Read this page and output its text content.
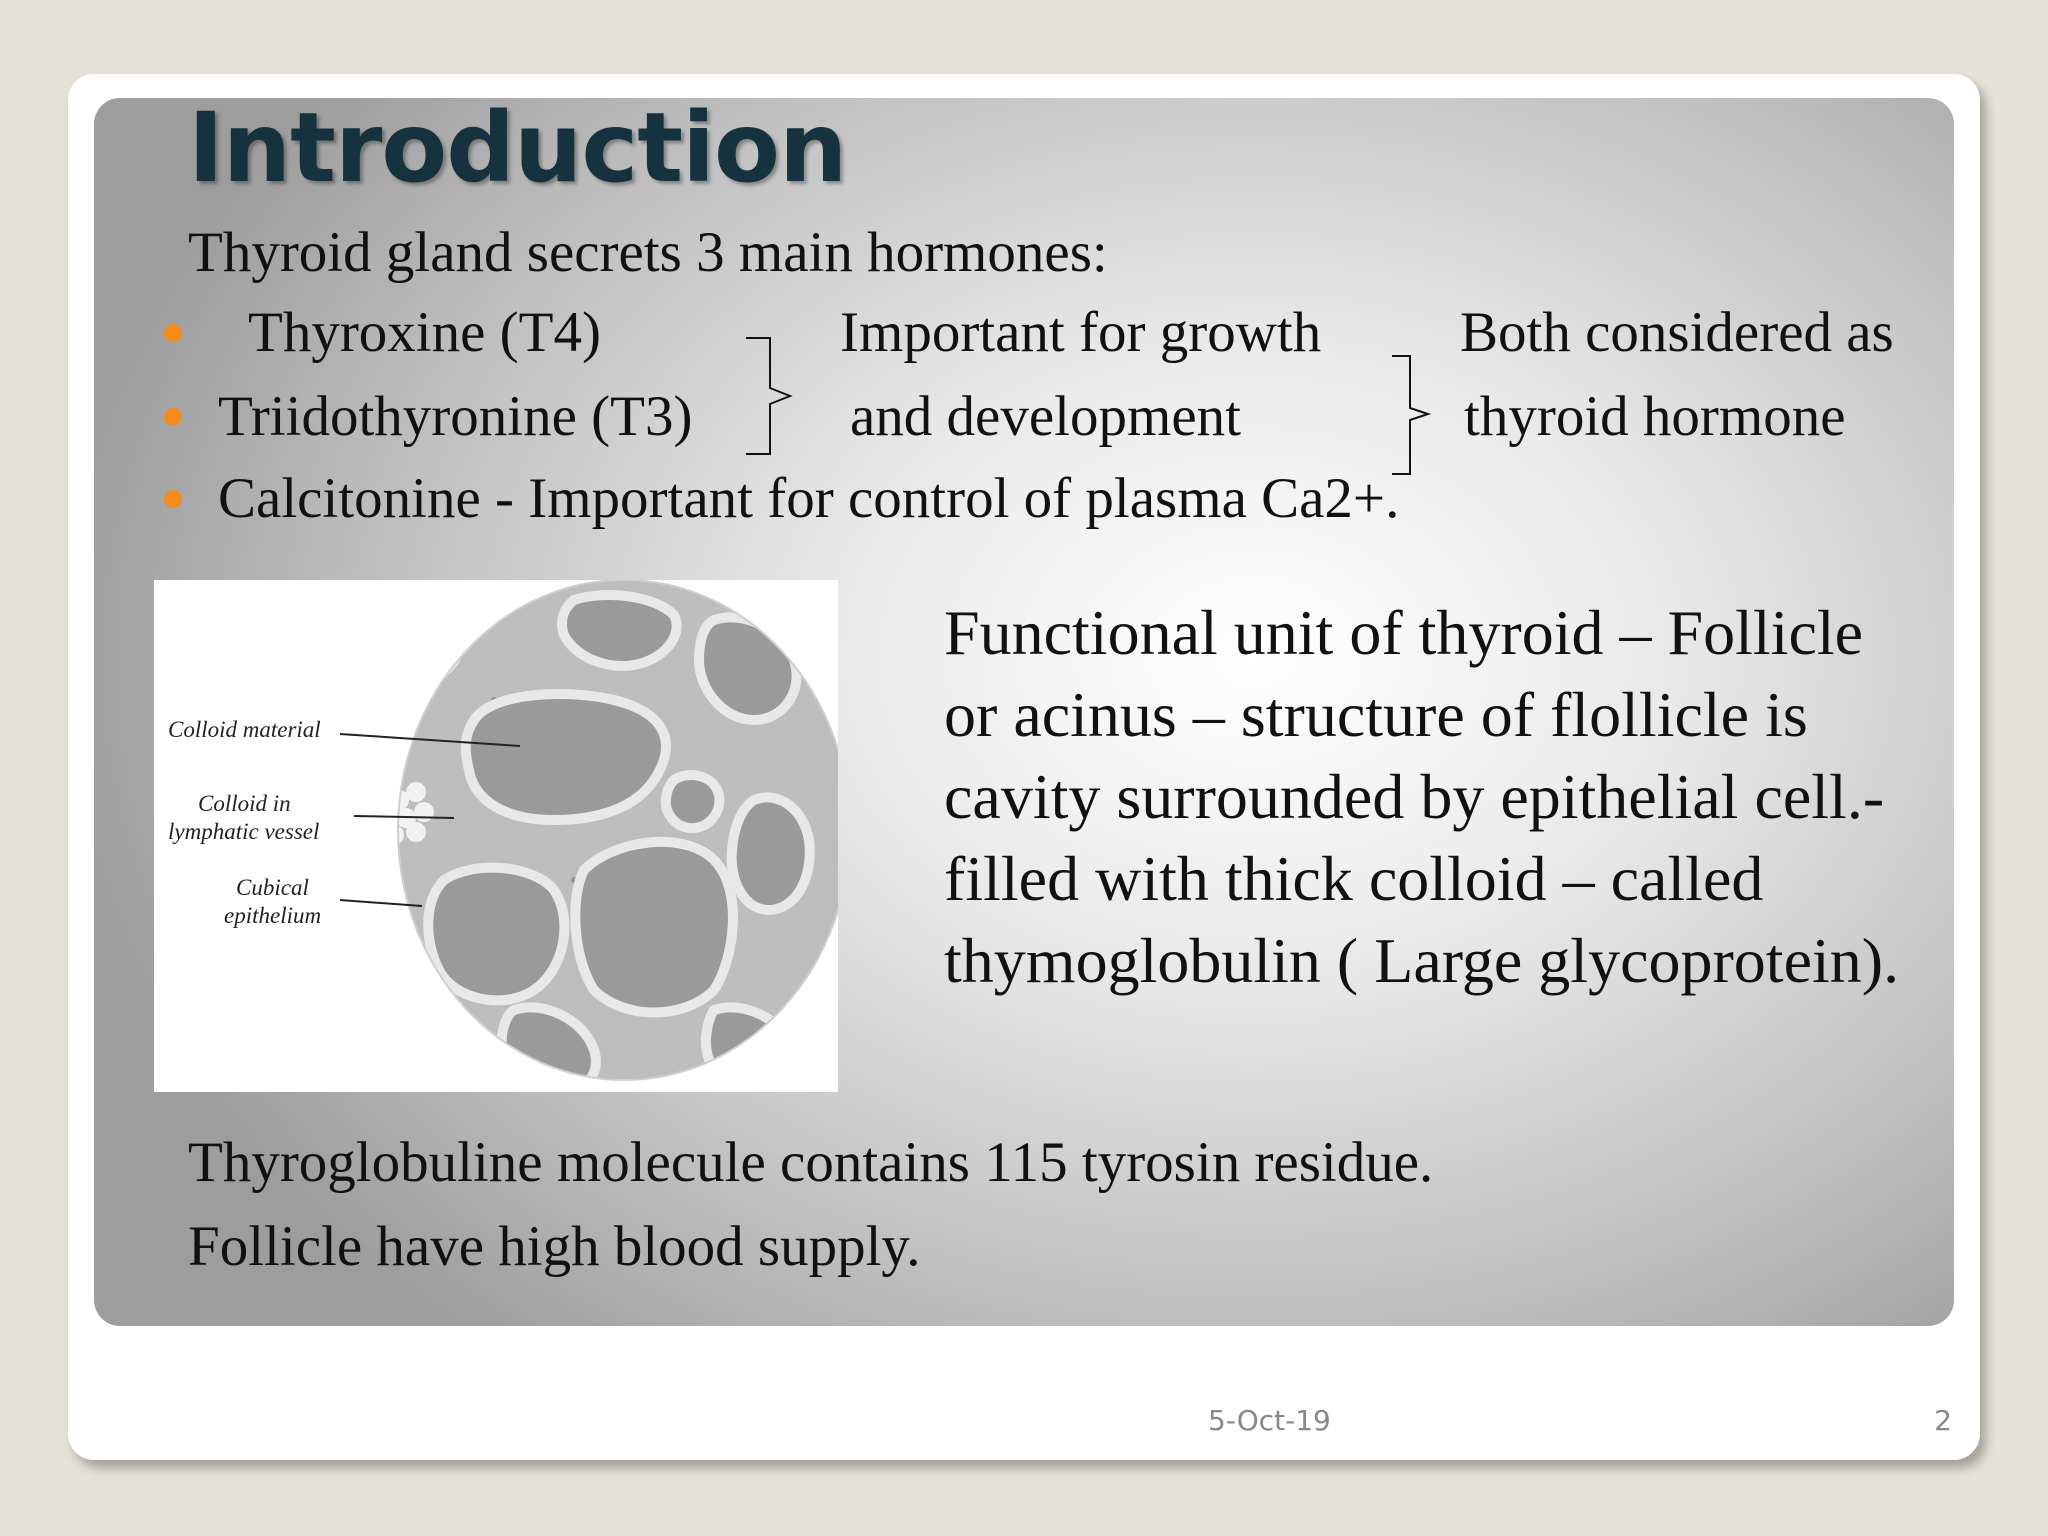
Introduction
Thyroid gland secrets 3 main hormones:
Thyroxine (T4)
Triidothyronine (T3)
Calcitonine - Important for control of plasma Ca2+.
Important for growth
and development
Both considered as
thyroid hormone
Colloid material
Colloid in
lymphatic vessel
Cubical
epithelium
Functional unit of thyroid – Follicle
or acinus – structure of flollicle is
cavity surrounded by epithelial cell.-
filled with thick colloid – called
thymoglobulin ( Large glycoprotein).
Thyroglobuline molecule contains 115 tyrosin residue.
Follicle have high blood supply.
5-Oct-19	2
